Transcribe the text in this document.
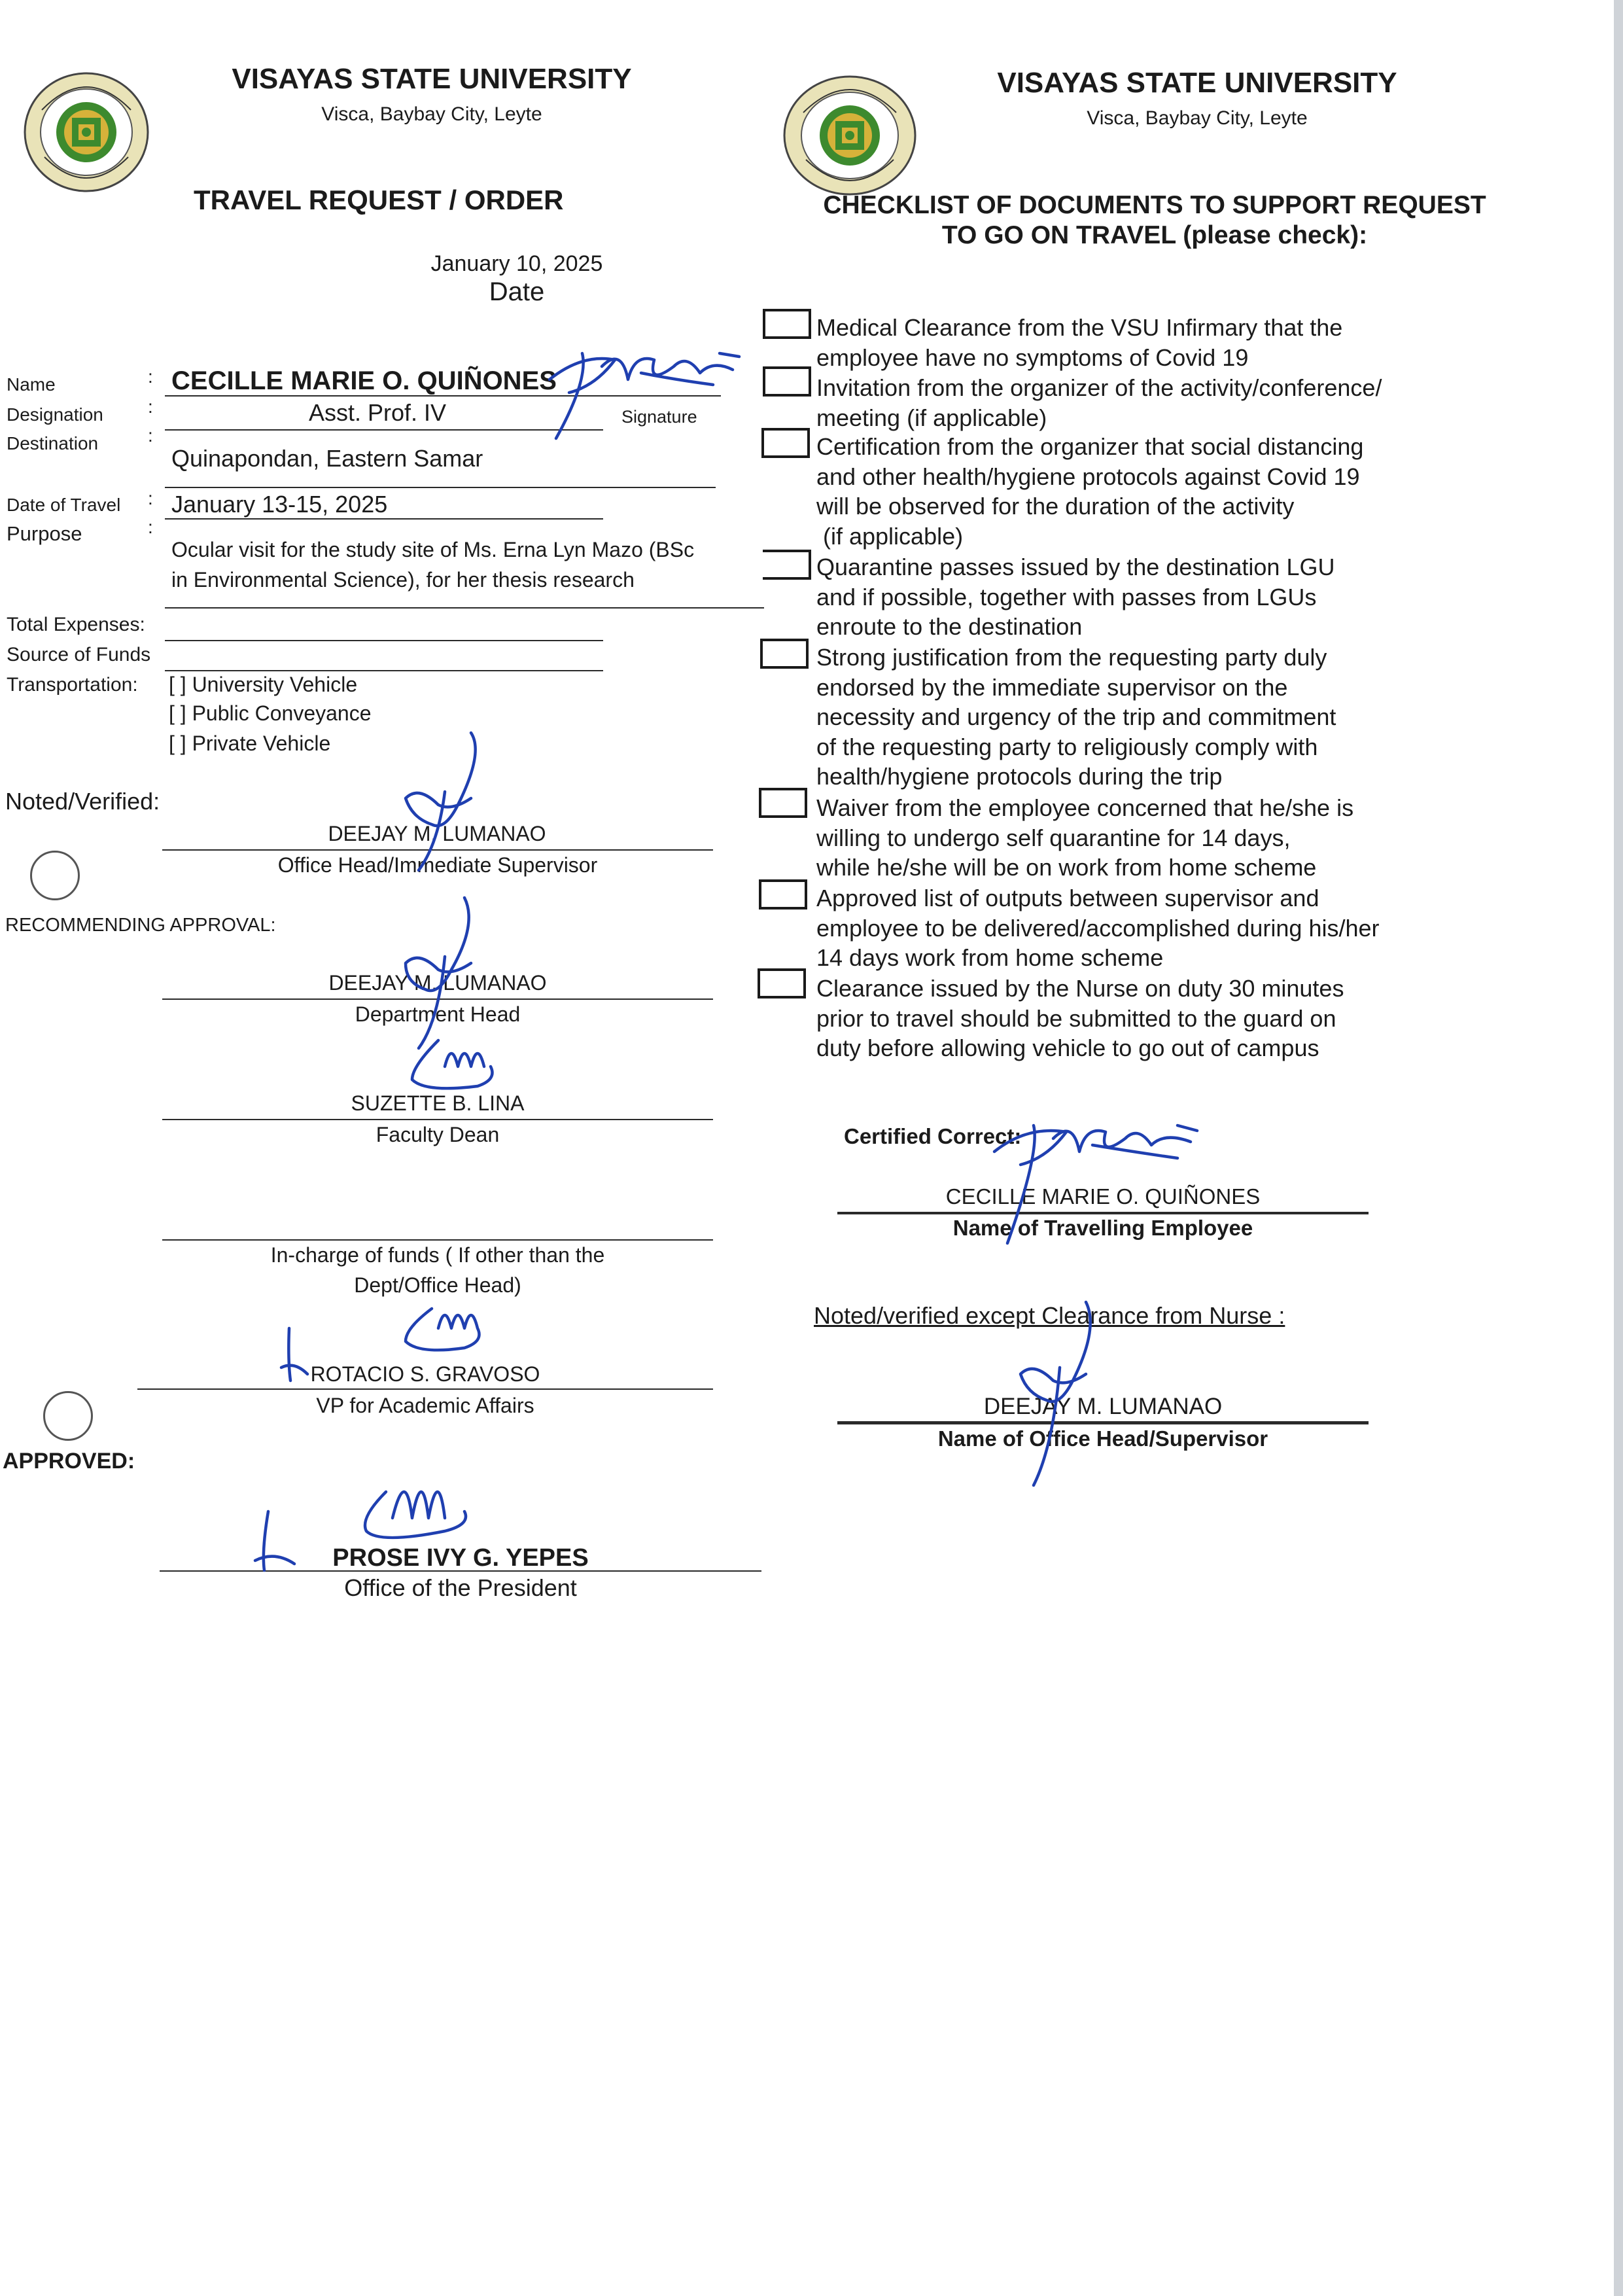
VISAYAS STATE UNIVERSITY
Visca, Baybay City, Leyte
TRAVEL REQUEST / ORDER
January 10, 2025
Date
Name	: CECILLE MARIE O. QUIÑONES
Signature
Designation :	Asst. Prof. IV
Destination	:
Quinapondan, Eastern Samar
Date of Travel : January 13-15, 2025
Purpose	:
Ocular visit for the study site of Ms. Erna Lyn Mazo (BSc
in Environmental Science), for her thesis research
Total Expenses:
Source of Funds
Transportation: [ ] University Vehicle
[ ] Public Conveyance
[ ] Private Vehicle
Noted/Verified:
DEEJAY M. LUMANAO
Office Head/Immediate Supervisor
RECOMMENDING APPROVAL:
DEEJAY M. LUMANAO
Department Head
SUZETTE B. LINA
Faculty Dean
In-charge of funds ( If other than the
Dept/Office Head)
ROTACIO S. GRAVOSO
VP for Academic Affairs
APPROVED:
PROSE IVY G. YEPES
Office of the President
VISAYAS STATE UNIVERSITY
Visca, Baybay City, Leyte
CHECKLIST OF DOCUMENTS TO SUPPORT REQUEST
TO GO ON TRAVEL (please check):
Medical Clearance from the VSU Infirmary that the
employee have no symptoms of Covid 19
Invitation from the organizer of the activity/conference/
meeting (if applicable)
Certification from the organizer that social distancing
and other health/hygiene protocols against Covid 19
will be observed for the duration of the activity
(if applicable)
Quarantine passes issued by the destination LGU
and if possible, together with passes from LGUs
enroute to the destination
Strong justification from the requesting party duly
endorsed by the immediate supervisor on the
necessity and urgency of the trip and commitment
of the requesting party to religiously comply with
health/hygiene protocols during the trip
Waiver from the employee concerned that he/she is
willing to undergo self quarantine for 14 days,
while he/she will be on work from home scheme
Approved list of outputs between supervisor and
employee to be delivered/accomplished during his/her
14 days work from home scheme
Clearance issued by the Nurse on duty 30 minutes
prior to travel should be submitted to the guard on
duty before allowing vehicle to go out of campus
Certified Correct:
CECILLE MARIE O. QUIÑONES
Name of Travelling Employee
Noted/verified except Clearance from Nurse :
DEEJAY M. LUMANAO
Name of Office Head/Supervisor
